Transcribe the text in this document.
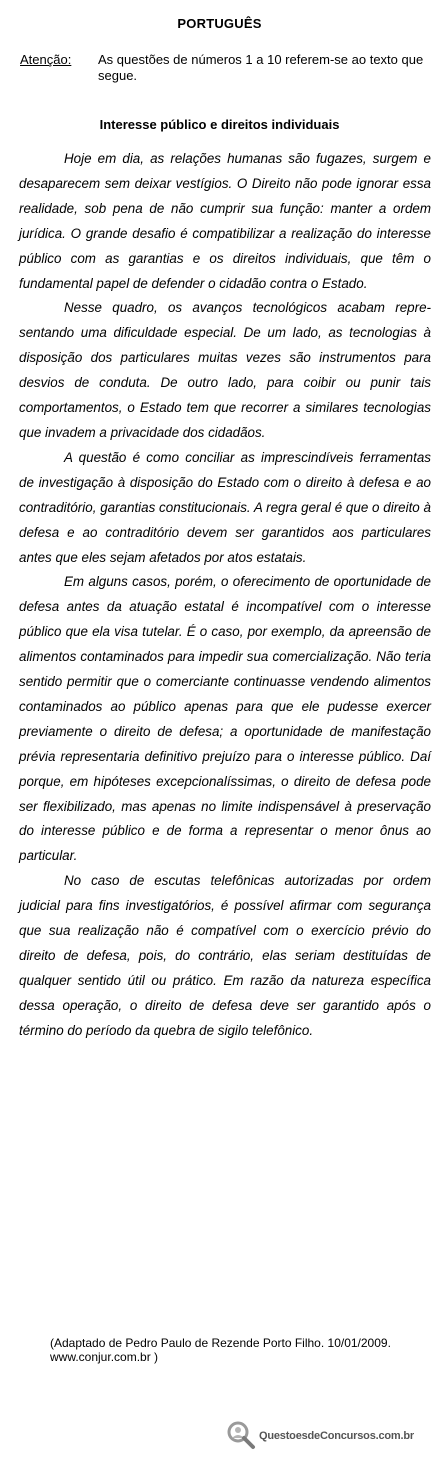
PORTUGUÊS
Atenção: As questões de números 1 a 10 referem-se ao texto que segue.
Interesse público e direitos individuais

Hoje em dia, as relações humanas são fugazes, surgem e desaparecem sem deixar vestígios. O Direito não pode ignorar essa realidade, sob pena de não cumprir sua função: manter a ordem jurídica. O grande desafio é compatibilizar a realização do interesse público com as garantias e os direitos individuais, que têm o fundamental papel de defender o cidadão contra o Estado.

Nesse quadro, os avanços tecnológicos acabam representando uma dificuldade especial. De um lado, as tecnologias à disposição dos particulares muitas vezes são instrumentos para desvios de conduta. De outro lado, para coibir ou punir tais comportamentos, o Estado tem que recorrer a similares tecnologias que invadem a privacidade dos cidadãos.

A questão é como conciliar as imprescindíveis ferramentas de investigação à disposição do Estado com o direito à defesa e ao contraditório, garantias constitucionais. A regra geral é que o direito à defesa e ao contraditório devem ser garantidos aos particulares antes que eles sejam afetados por atos estatais.

Em alguns casos, porém, o oferecimento de oportunidade de defesa antes da atuação estatal é incompatível com o interesse público que ela visa tutelar. É o caso, por exemplo, da apreensão de alimentos contaminados para impedir sua comercialização. Não teria sentido permitir que o comerciante continuasse vendendo alimentos contaminados ao público apenas para que ele pudesse exercer previamente o direito de defesa; a oportunidade de manifestação prévia representaria definitivo prejuízo para o interesse público. Daí porque, em hipóteses excepcionalíssimas, o direito de defesa pode ser flexibilizado, mas apenas no limite indispensável à preservação do interesse público e de forma a representar o menor ônus ao particular.

No caso de escutas telefônicas autorizadas por ordem judicial para fins investigatórios, é possível afirmar com segurança que sua realização não é compatível com o exercício prévio do direito de defesa, pois, do contrário, elas seriam destituídas de qualquer sentido útil ou prático. Em razão da natureza específica dessa operação, o direito de defesa deve ser garantido após o término do período da quebra de sigilo telefônico.

(Adaptado de Pedro Paulo de Rezende Porto Filho. 10/01/2009. www.conjur.com.br )
QuestoesdeConcursos.com.br
